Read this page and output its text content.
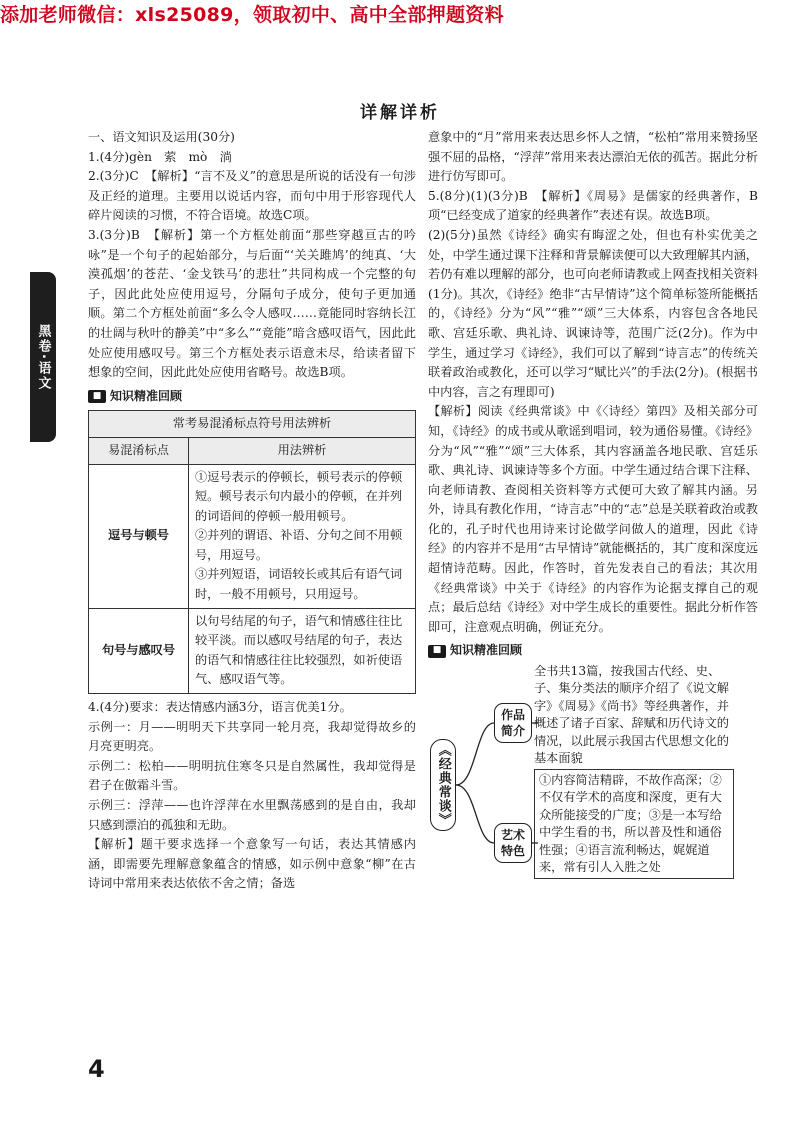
添加老师微信：xls25089，领取初中、高中全部押题资料
详解详析
黑卷·语文
一、语文知识及运用(30分)
1.(4分)gèn　萦　mò　淌
2.(3分)C　【解析】“言不及义”的意思是所说的话没有一句涉及正经的道理。主要用以说话内容，而句中用于形容现代人碎片阅读的习惯，不符合语境。故选C项。
3.(3分)B　【解析】第一个方框处前面“那些穿越亘古的吟咏”是一个句子的起始部分，与后面“‘关关雎鸠’的纯真、‘大漠孤烟’的苍茫、‘金戈铁马’的悲壮”共同构成一个完整的句子，因此此处应使用逗号，分隔句子成分，使句子更加通顺。第二个方框处前面“多么令人感叹……竟能同时容纳长江的壮阔与秋叶的静美”中“多么”“竟能”暗含感叹语气，因此此处应使用感叹号。第三个方框处表示语意未尽，给读者留下想象的空间，因此此处应使用省略号。故选B项。
■ 知识精准回顾
常考易混淆标点符号用法辨析	
易混淆标点	用法辨析
逗号与顿号	①逗号表示的停顿长，顿号表示的停顿短。顿号表示句内最小的停顿，在并列的词语间的停顿一般用顿号。
②并列的谓语、补语、分句之间不用顿号，用逗号。
③并列短语，词语较长或其后有语气词时，一般不用顿号，只用逗号。
句号与感叹号	以句号结尾的句子，语气和情感往往比较平淡。而以感叹号结尾的句子，表达的语气和情感往往比较强烈，如祈使语气、感叹语气等。
4.(4分)要求：表达情感内涵3分，语言优美1分。
示例一：月——明明天下共享同一轮月亮，我却觉得故乡的月亮更明亮。
示例二：松柏——明明抗住寒冬只是自然属性，我却觉得是君子在傲霜斗雪。
示例三：浮萍——也许浮萍在水里飘荡感到的是自由，我却只感到漂泊的孤独和无助。
【解析】题干要求选择一个意象写一句话，表达其情感内涵，即需要先理解意象蕴含的情感，如示例中意象“柳”在古诗词中常用来表达依依不舍之情；备选
意象中的“月”常用来表达思乡怀人之情，“松柏”常用来赞扬坚强不屈的品格，“浮萍”常用来表达漂泊无依的孤苦。据此分析进行仿写即可。
5.(8分)(1)(3分)B　【解析】《周易》是儒家的经典著作，B项“已经变成了道家的经典著作”表述有误。故选B项。
(2)(5分)虽然《诗经》确实有晦涩之处，但也有朴实优美之处，中学生通过课下注释和背景解读便可以大致理解其内涵，若仍有难以理解的部分，也可向老师请教或上网查找相关资料(1分)。其次，《诗经》绝非“古早情诗”这个简单标签所能概括的，《诗经》分为“风”“雅”“颂”三大体系，内容包含各地民歌、宫廷乐歌、典礼诗、讽谏诗等，范围广泛(2分)。作为中学生，通过学习《诗经》，我们可以了解到“诗言志”的传统关联着政治或教化，还可以学习“赋比兴”的手法(2分)。(根据书中内容，言之有理即可)
【解析】阅读《经典常谈》中《〈诗经〉第四》及相关部分可知，《诗经》的成书或从歌谣到唱词，较为通俗易懂。《诗经》分为“风”“雅”“颂”三大体系，其内容涵盖各地民歌、宫廷乐歌、典礼诗、讽谏诗等多个方面。中学生通过结合课下注释、向老师请教、查阅相关资料等方式便可大致了解其内涵。另外，诗具有教化作用，“诗言志”中的“志”总是关联着政治或教化的，孔子时代也用诗来讨论做学问做人的道理，因此《诗经》的内容并不是用“古早情诗”就能概括的，其广度和深度远超情诗范畴。因此，作答时，首先发表自己的看法；其次用《经典常谈》中关于《诗经》的内容作为论据支撑自己的观点；最后总结《诗经》对中学生成长的重要性。据此分析作答即可，注意观点明确，例证充分。
■ 知识精准回顾
《经典常谈》
作品简介
全书共13篇，按我国古代经、史、子、集分类法的顺序介绍了《说文解字》《周易》《尚书》等经典著作，并概述了诸子百家、辞赋和历代诗文的情况，以此展示我国古代思想文化的基本面貌
艺术特色
①内容简洁精辟，不故作高深；②不仅有学术的高度和深度，更有大众所能接受的广度；③是一本写给中学生看的书，所以普及性和通俗性强；④语言流利畅达，娓娓道来，常有引人入胜之处
4
